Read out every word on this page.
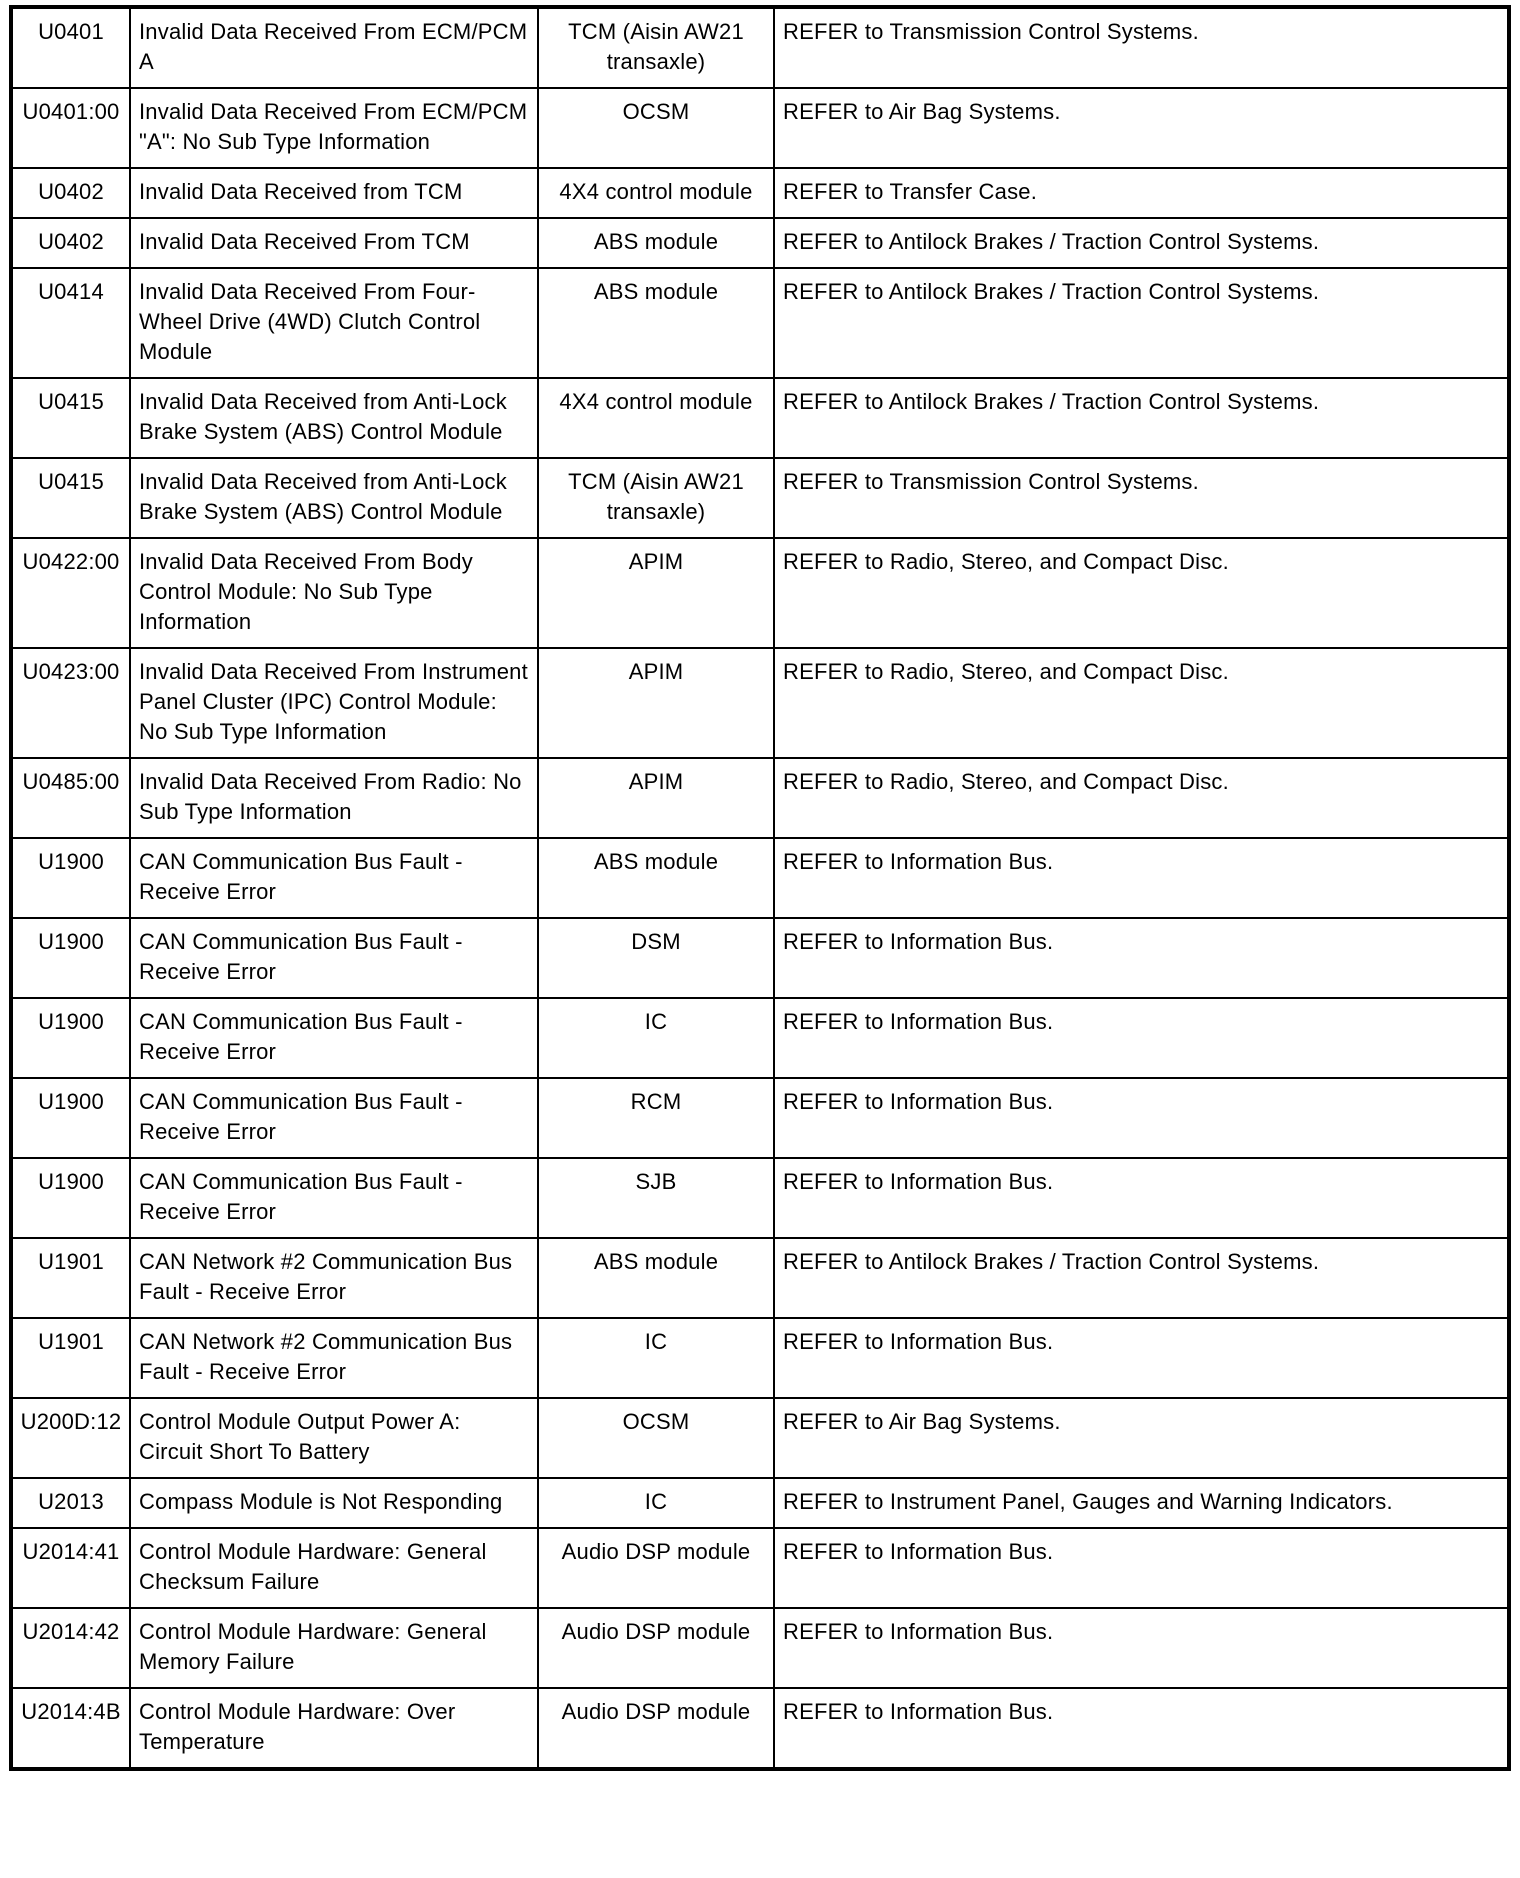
U0401	Invalid Data Received From ECM/PCM A	TCM (Aisin AW21 transaxle)	REFER to Transmission Control Systems.
U0401:00	Invalid Data Received From ECM/PCM "A": No Sub Type Information	OCSM	REFER to Air Bag Systems.
U0402	Invalid Data Received from TCM	4X4 control module	REFER to Transfer Case.
U0402	Invalid Data Received From TCM	ABS module	REFER to Antilock Brakes / Traction Control Systems.
U0414	Invalid Data Received From Four-Wheel Drive (4WD) Clutch Control Module	ABS module	REFER to Antilock Brakes / Traction Control Systems.
U0415	Invalid Data Received from Anti-Lock Brake System (ABS) Control Module	4X4 control module	REFER to Antilock Brakes / Traction Control Systems.
U0415	Invalid Data Received from Anti-Lock Brake System (ABS) Control Module	TCM (Aisin AW21 transaxle)	REFER to Transmission Control Systems.
U0422:00	Invalid Data Received From Body Control Module: No Sub Type Information	APIM	REFER to Radio, Stereo, and Compact Disc.
U0423:00	Invalid Data Received From Instrument Panel Cluster (IPC) Control Module: No Sub Type Information	APIM	REFER to Radio, Stereo, and Compact Disc.
U0485:00	Invalid Data Received From Radio: No Sub Type Information	APIM	REFER to Radio, Stereo, and Compact Disc.
U1900	CAN Communication Bus Fault - Receive Error	ABS module	REFER to Information Bus.
U1900	CAN Communication Bus Fault - Receive Error	DSM	REFER to Information Bus.
U1900	CAN Communication Bus Fault - Receive Error	IC	REFER to Information Bus.
U1900	CAN Communication Bus Fault - Receive Error	RCM	REFER to Information Bus.
U1900	CAN Communication Bus Fault - Receive Error	SJB	REFER to Information Bus.
U1901	CAN Network #2 Communication Bus Fault - Receive Error	ABS module	REFER to Antilock Brakes / Traction Control Systems.
U1901	CAN Network #2 Communication Bus Fault - Receive Error	IC	REFER to Information Bus.
U200D:12	Control Module Output Power A: Circuit Short To Battery	OCSM	REFER to Air Bag Systems.
U2013	Compass Module is Not Responding	IC	REFER to Instrument Panel, Gauges and Warning Indicators.
U2014:41	Control Module Hardware: General Checksum Failure	Audio DSP module	REFER to Information Bus.
U2014:42	Control Module Hardware: General Memory Failure	Audio DSP module	REFER to Information Bus.
U2014:4B	Control Module Hardware: Over Temperature	Audio DSP module	REFER to Information Bus.
